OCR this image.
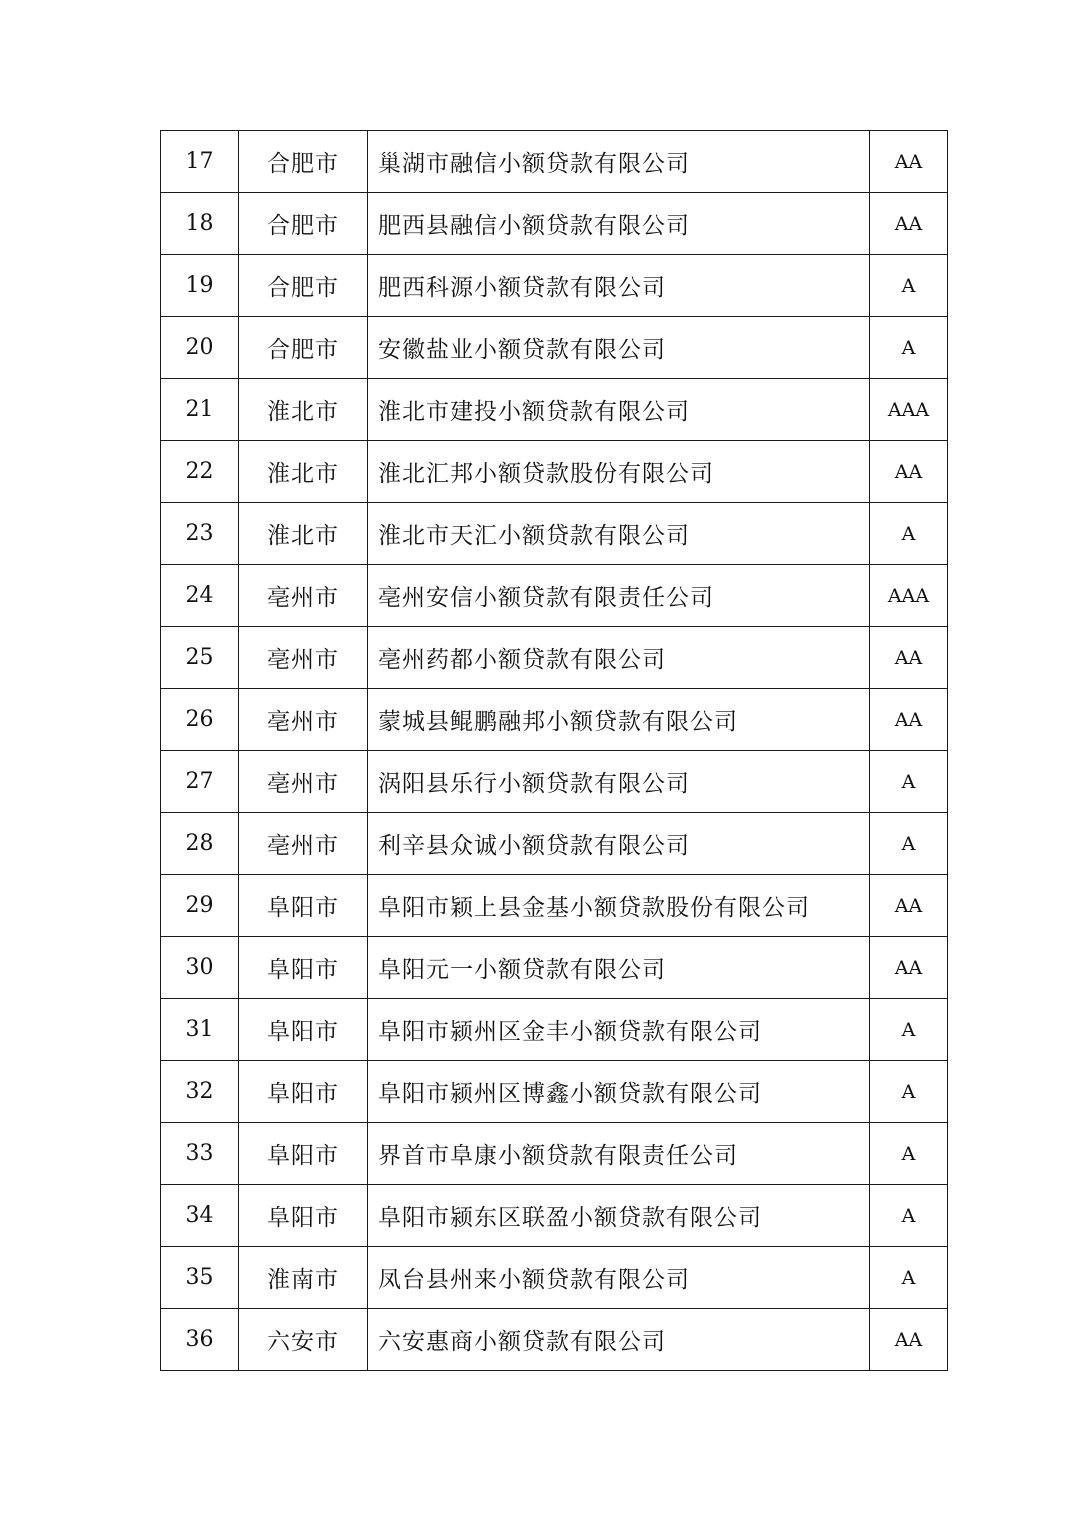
17	合肥市	巢湖市融信小额贷款有限公司	AA
18	合肥市	肥西县融信小额贷款有限公司	AA
19	合肥市	肥西科源小额贷款有限公司	A
20	合肥市	安徽盐业小额贷款有限公司	A
21	淮北市	淮北市建投小额贷款有限公司	AAA
22	淮北市	淮北汇邦小额贷款股份有限公司	AA
23	淮北市	淮北市天汇小额贷款有限公司	A
24	亳州市	亳州安信小额贷款有限责任公司	AAA
25	亳州市	亳州药都小额贷款有限公司	AA
26	亳州市	蒙城县鲲鹏融邦小额贷款有限公司	AA
27	亳州市	涡阳县乐行小额贷款有限公司	A
28	亳州市	利辛县众诚小额贷款有限公司	A
29	阜阳市	阜阳市颖上县金基小额贷款股份有限公司	AA
30	阜阳市	阜阳元一小额贷款有限公司	AA
31	阜阳市	阜阳市颍州区金丰小额贷款有限公司	A
32	阜阳市	阜阳市颍州区博鑫小额贷款有限公司	A
33	阜阳市	界首市阜康小额贷款有限责任公司	A
34	阜阳市	阜阳市颍东区联盈小额贷款有限公司	A
35	淮南市	凤台县州来小额贷款有限公司	A
36	六安市	六安惠商小额贷款有限公司	AA
